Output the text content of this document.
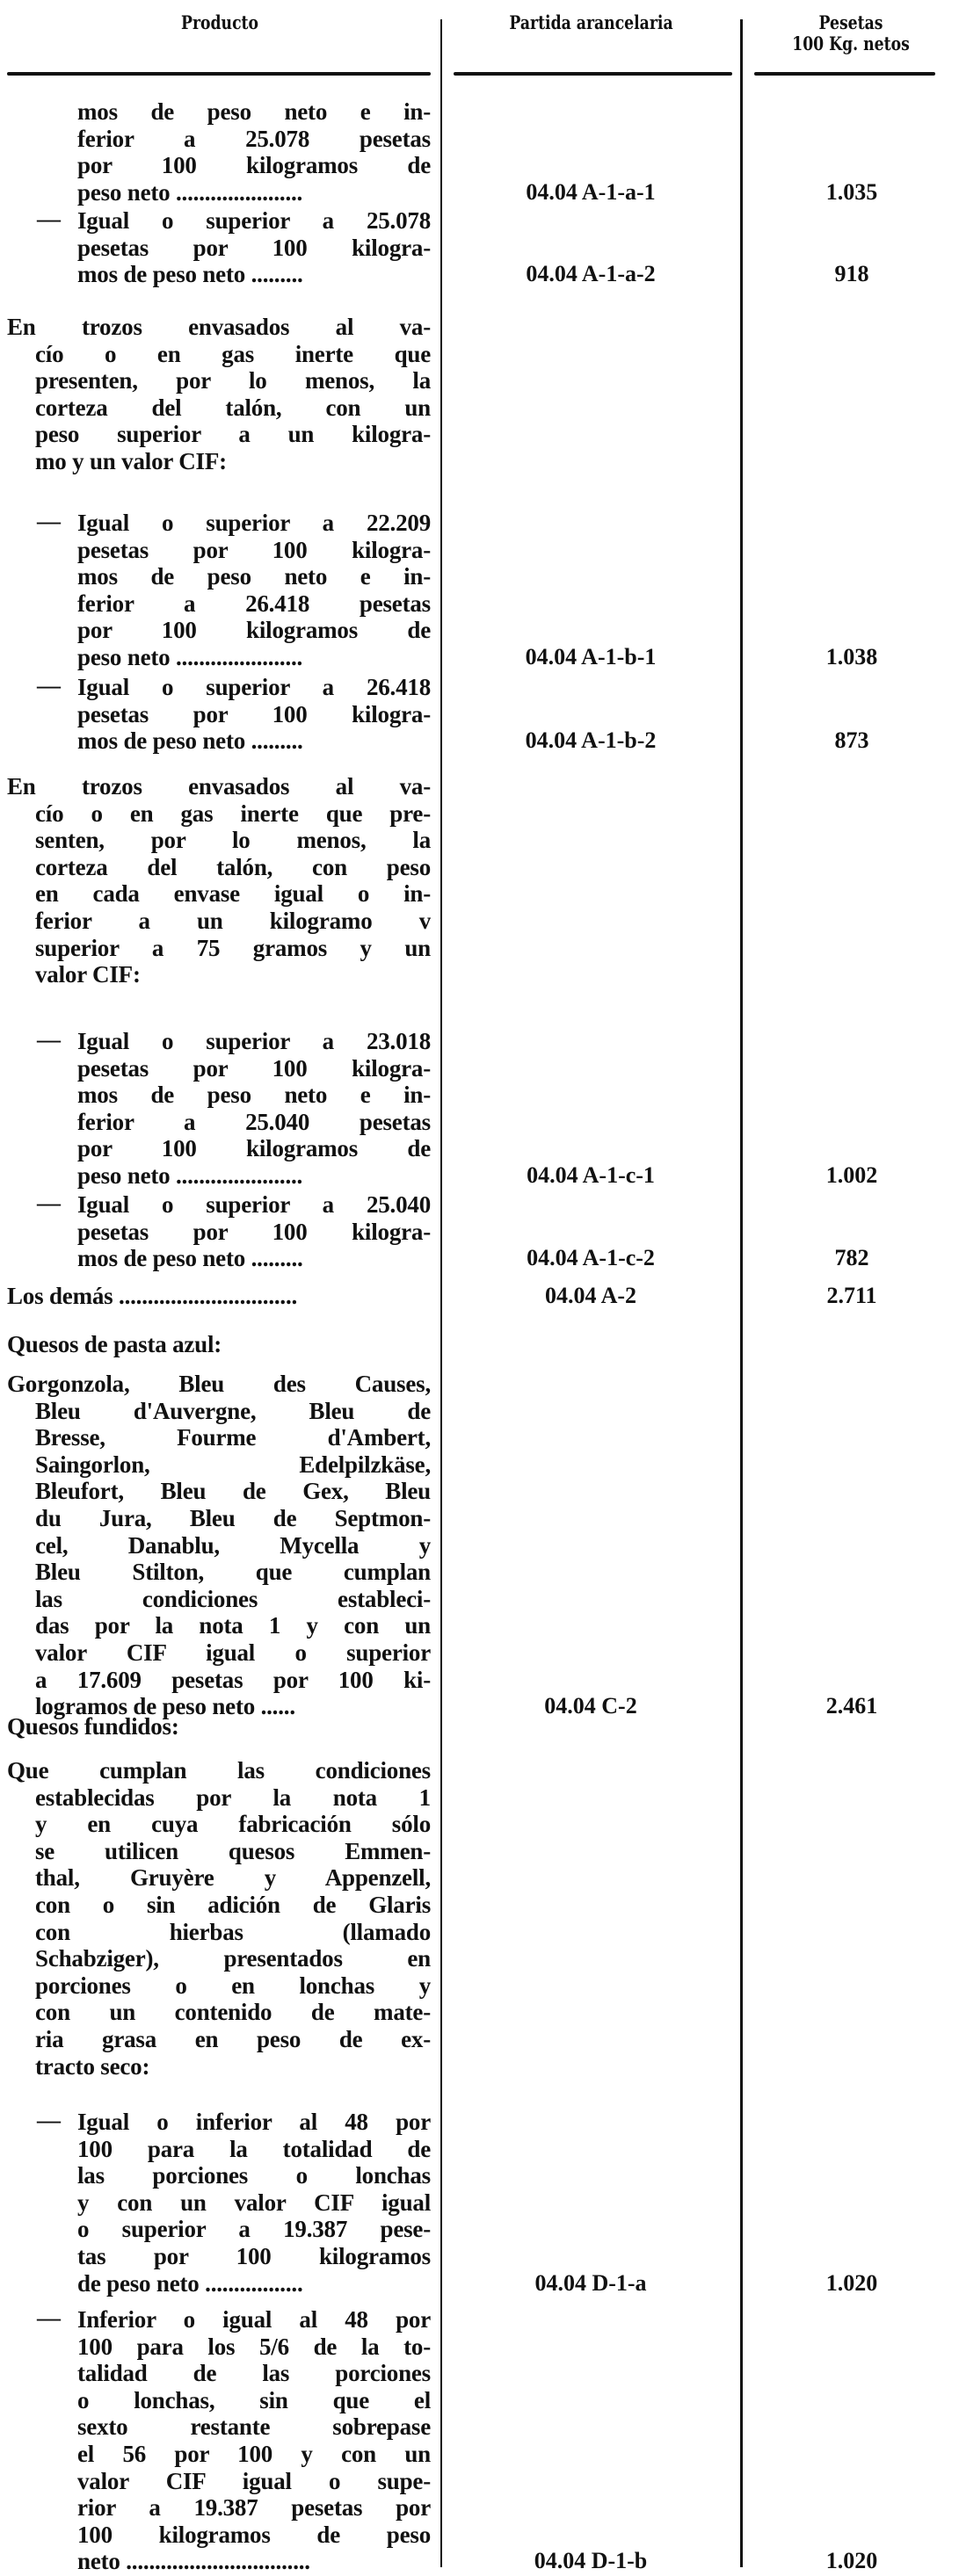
Producto	Partida arancelaria	Pesetas
100 Kg. netos
mos de peso neto e in-
ferior a 25.078 pesetas
por 100 kilogramos de
peso neto ......................	04.04 A-1-a-1	1.035
— Igual o superior a 25.078
pesetas por 100 kilogra-
mos de peso neto .........	04.04 A-1-a-2	918
En trozos envasados al va-
cío o en gas inerte que
presenten, por lo menos, la
corteza del talón, con un
peso superior a un kilogra-
mo y un valor CIF:
— Igual o superior a 22.209
pesetas por 100 kilogra-
mos de peso neto e in-
ferior a 26.418 pesetas
por 100 kilogramos de
peso neto ......................	04.04 A-1-b-1	1.038
— Igual o superior a 26.418
pesetas por 100 kilogra-
mos de peso neto .........	04.04 A-1-b-2	873
En trozos envasados al va-
cío o en gas inerte que pre-
senten, por lo menos, la
corteza del talón, con peso
en cada envase igual o in-
ferior a un kilogramo v
superior a 75 gramos y un
valor CIF:
— Igual o superior a 23.018
pesetas por 100 kilogra-
mos de peso neto e in-
ferior a 25.040 pesetas
por 100 kilogramos de
peso neto ......................	04.04 A-1-c-1	1.002
— Igual o superior a 25.040
pesetas por 100 kilogra-
mos de peso neto .........	04.04 A-1-c-2	782
Los demás ...............................	04.04 A-2	2.711
Quesos de pasta azul:
Gorgonzola, Bleu des Causes,
Bleu d'Auvergne, Bleu de
Bresse, Fourme d'Ambert,
Saingorlon, Edelpilzkäse,
Bleufort, Bleu de Gex, Bleu
du Jura, Bleu de Septmon-
cel, Danablu, Mycella y
Bleu Stilton, que cumplan
las condiciones estableci-
das por la nota 1 y con un
valor CIF igual o superior
a 17.609 pesetas por 100 ki-
logramos de peso neto ......	04.04 C-2	2.461
Quesos fundidos:
Que cumplan las condiciones
establecidas por la nota 1
y en cuya fabricación sólo
se utilicen quesos Emmen-
thal, Gruyère y Appenzell,
con o sin adición de Glaris
con hierbas (llamado
Schabziger), presentados en
porciones o en lonchas y
con un contenido de mate-
ria grasa en peso de ex-
tracto seco:
— Igual o inferior al 48 por
100 para la totalidad de
las porciones o lonchas
y con un valor CIF igual
o superior a 19.387 pese-
tas por 100 kilogramos
de peso neto .................	04.04 D-1-a	1.020
— Inferior o igual al 48 por
100 para los 5/6 de la to-
talidad de las porciones
o lonchas, sin que el
sexto restante sobrepase
el 56 por 100 y con un
valor CIF igual o supe-
rior a 19.387 pesetas por
100 kilogramos de peso
neto ................................	04.04 D-1-b	1.020
